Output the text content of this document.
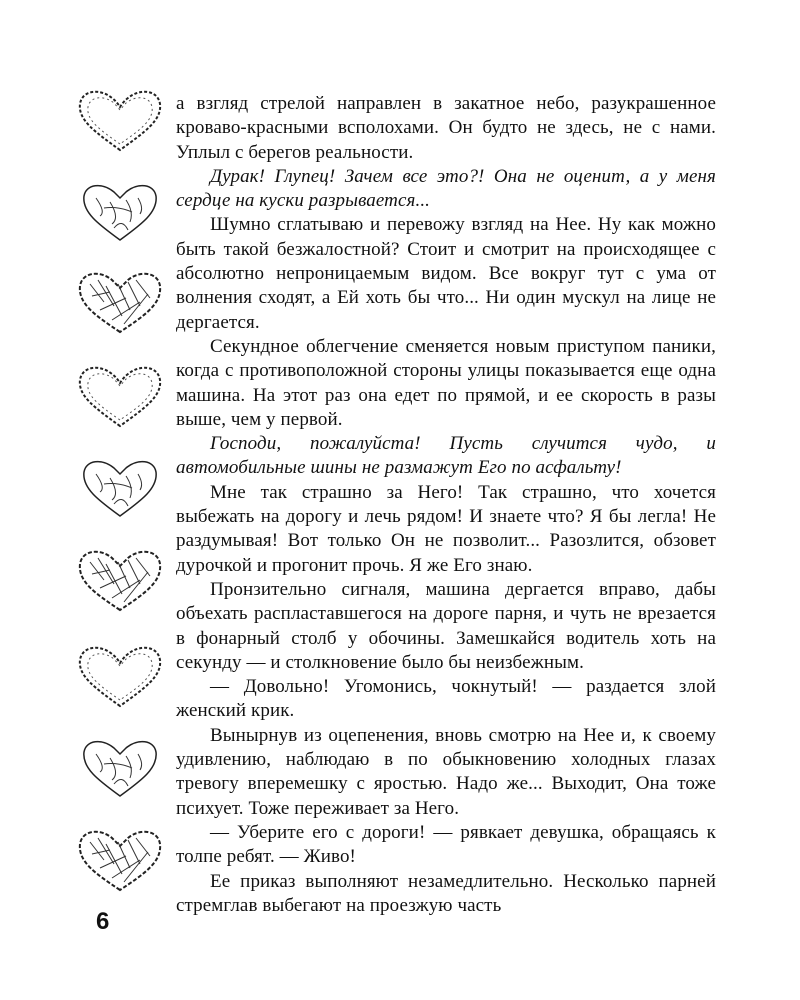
а взгляд стрелой направлен в закатное небо, разукрашенное кроваво-красными всполохами. Он будто не здесь, не с нами. Уплыл с берегов реальности.

Дурак! Глупец! Зачем все это?! Она не оценит, а у меня сердце на куски разрывается...

Шумно сглатываю и перевожу взгляд на Нее. Ну как можно быть такой безжалостной? Стоит и смотрит на происходящее с абсолютно непроницаемым видом. Все вокруг тут с ума от волнения сходят, а Ей хоть бы что... Ни один мускул на лице не дергается.

Секундное облегчение сменяется новым приступом паники, когда с противоположной стороны улицы показывается еще одна машина. На этот раз она едет по прямой, и ее скорость в разы выше, чем у первой.

Господи, пожалуйста! Пусть случится чудо, и автомобильные шины не размажут Его по асфальту!

Мне так страшно за Него! Так страшно, что хочется выбежать на дорогу и лечь рядом! И знаете что? Я бы легла! Не раздумывая! Вот только Он не позволит... Разозлится, обзовет дурочкой и прогонит прочь. Я же Его знаю.

Пронзительно сигналя, машина дергается вправо, дабы объехать распластавшегося на дороге парня, и чуть не врезается в фонарный столб у обочины. Замешкайся водитель хоть на секунду — и столкновение было бы неизбежным.

— Довольно! Угомонись, чокнутый! — раздается злой женский крик.

Вынырнув из оцепенения, вновь смотрю на Нее и, к своему удивлению, наблюдаю в по обыкновению холодных глазах тревогу вперемешку с яростью. Надо же... Выходит, Она тоже психует. Тоже переживает за Него.

— Уберите его с дороги! — рявкает девушка, обращаясь к толпе ребят. — Живо!

Ее приказ выполняют незамедлительно. Несколько парней стремглав выбегают на проезжую часть

6
